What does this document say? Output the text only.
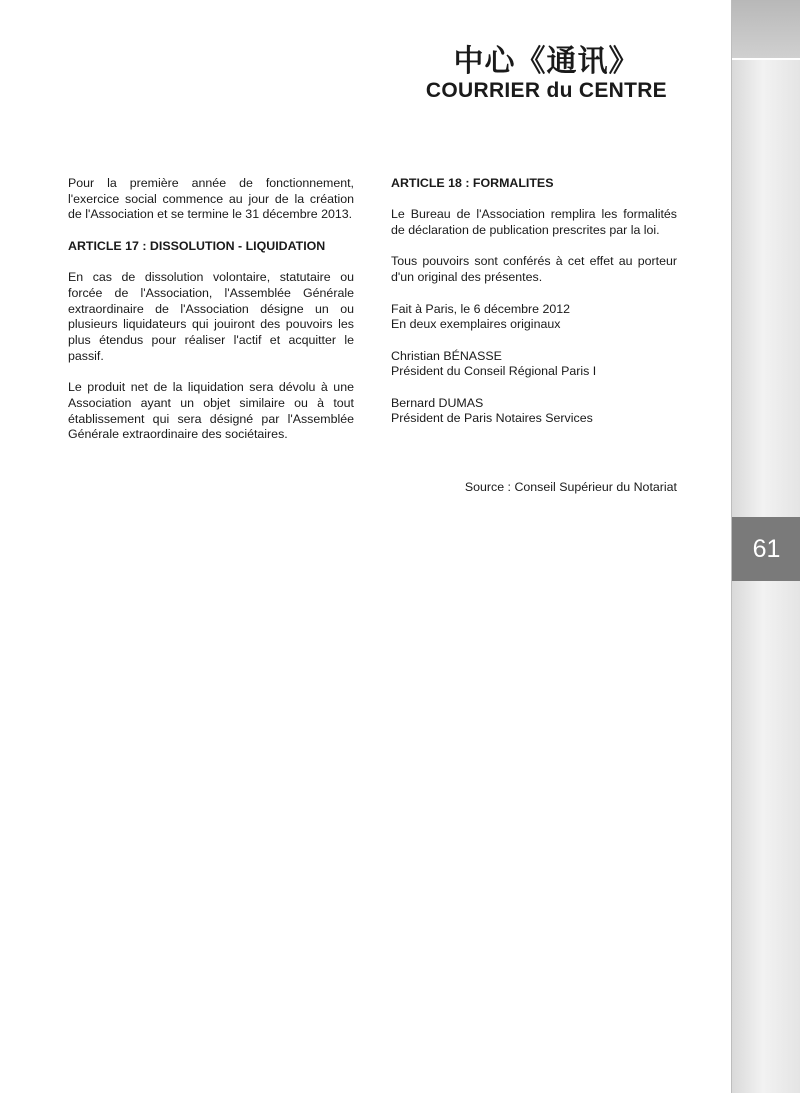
中心《通讯》
COURRIER du CENTRE

Pour la première année de fonctionnement, l'exercice social commence au jour de la création de l'Association et se termine le 31 décembre 2013.

ARTICLE 17 : DISSOLUTION - LIQUIDATION

En cas de dissolution volontaire, statutaire ou forcée de l'Association, l'Assemblée Générale extraordinaire de l'Association désigne un ou plusieurs liquidateurs qui jouiront des pouvoirs les plus étendus pour réaliser l'actif et acquitter le passif.

Le produit net de la liquidation sera dévolu à une Association ayant un objet similaire ou à tout établissement qui sera désigné par l'Assemblée Générale extraordinaire des sociétaires.

ARTICLE 18 : FORMALITES

Le Bureau de l'Association remplira les formalités de déclaration de publication prescrites par la loi.

Tous pouvoirs sont conférés à cet effet au porteur d'un original des présentes.

Fait à Paris, le 6 décembre 2012
En deux exemplaires originaux

Christian BÉNASSE
Président du Conseil Régional Paris I

Bernard DUMAS
Président de Paris Notaires Services

Source : Conseil Supérieur du Notariat
61
